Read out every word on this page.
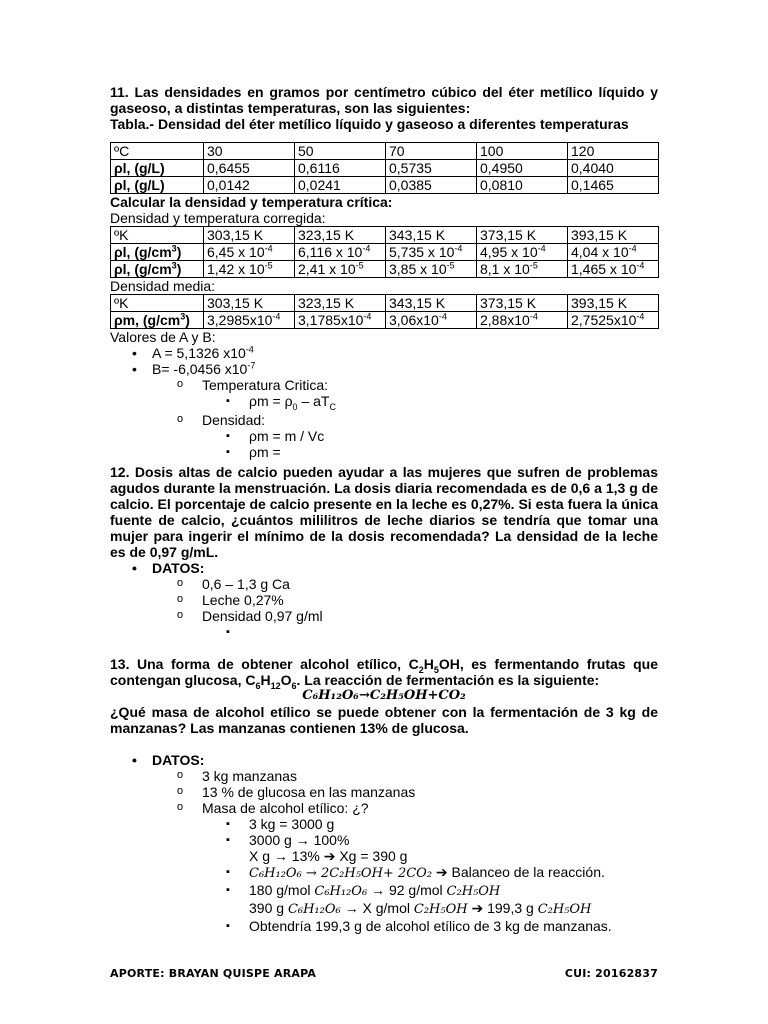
11. Las densidades en gramos por centímetro cúbico del éter metílico líquido y
gaseoso, a distintas temperaturas, son las siguientes:
Tabla.- Densidad del éter metílico líquido y gaseoso a diferentes temperaturas
ºC	30	50	70	100	120
ρl, (g/L)	0,6455	0,6116	0,5735	0,4950	0,4040
ρl, (g/L)	0,0142	0,0241	0,0385	0,0810	0,1465
Calcular la densidad y temperatura crítica:
Densidad y temperatura corregida:
ºK	303,15 K	323,15 K	343,15 K	373,15 K	393,15 K
ρl, $(g/cm^3)$	6,45 x $10^{-4}$	6,116 x $10^{-4}$	5,735 x $10^{-4}$	4,95 x $10^{-4}$	4,04 x $10^{-4}$
ρl, $(g/cm^3)$	1,42 x $10^{-5}$	2,41 x $10^{-5}$	3,85 x $10^{-5}$	8,1 x $10^{-5}$	1,465 x $10^{-4}$
Densidad media:
ºK	303,15 K	323,15 K	343,15 K	373,15 K	393,15 K
ρm, $(g/cm^3)$	$3,2985x10^{-4}$	$3,1785x10^{-4}$	$3,06x10^{-4}$	$2,88x10^{-4}$	$2,7525x10^{-4}$
Valores de A y B:
• A = 5,1326 $x10^{-4}$
• B= -6,0456 $x10^{-7}$
o Temperatura Critica:
▪ $\rho m = \rho_0 - aT_C$
o Densidad:
▪ ρm = m / Vc
▪ ρm =
12. Dosis altas de calcio pueden ayudar a las mujeres que sufren de problemas
agudos durante la menstruación. La dosis diaria recomendada es de 0,6 a 1,3 g de
calcio. El porcentaje de calcio presente en la leche es 0,27%. Si esta fuera la única
fuente de calcio, ¿cuántos mililitros de leche diarios se tendría que tomar una
mujer para ingerir el mínimo de la dosis recomendada? La densidad de la leche
es de 0,97 g/mL.
• DATOS:
o 0,6 – 1,3 g Ca
o Leche 0,27%
o Densidad 0,97 g/ml
▪
13. Una forma de obtener alcohol etílico, $C_2H_5OH$, es fermentando frutas que
contengan glucosa, $C_6H_{12}O_6$. La reacción de fermentación es la siguiente:
C₆H₁₂O₆→C₂H₅OH+CO₂
¿Qué masa de alcohol etílico se puede obtener con la fermentación de 3 kg de
manzanas? Las manzanas contienen 13% de glucosa.
• DATOS:
o 3 kg manzanas
o 13 % de glucosa en las manzanas
o Masa de alcohol etílico: ¿?
▪ 3 kg = 3000 g
▪ 3000 g → 100%
X g → 13% ➔ Xg = 390 g
▪ C₆H₁₂O₆ → 2C₂H₅OH+ 2CO₂ ➔ Balanceo de la reacción.
▪ 180 g/mol C₆H₁₂O₆ → 92 g/mol C₂H₅OH
390 g C₆H₁₂O₆ → X g/mol C₂H₅OH ➔ 199,3 g C₂H₅OH
▪ Obtendría 199,3 g de alcohol etílico de 3 kg de manzanas.
APORTE: BRAYAN QUISPE ARAPA	CUI: 20162837
